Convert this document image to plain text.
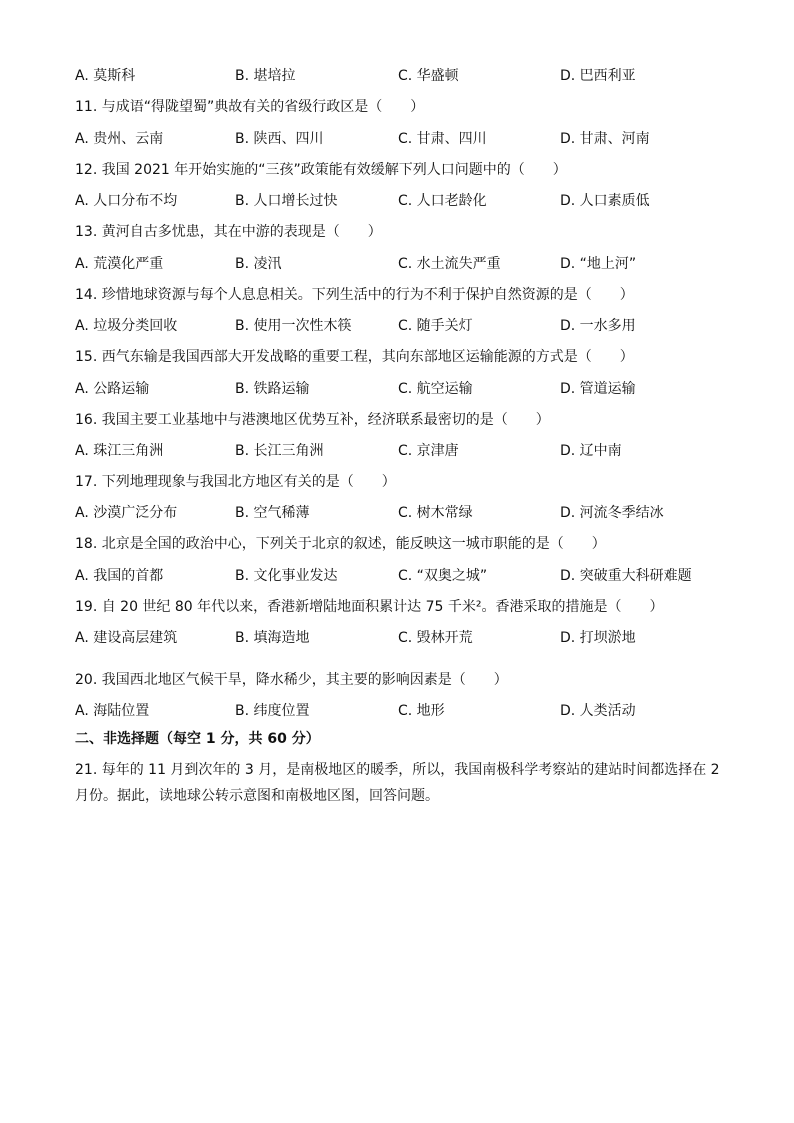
A. 莫斯科	B. 堪培拉	C. 华盛顿	D. 巴西利亚
11. 与成语“得陇望蜀”典故有关的省级行政区是（　　）
A. 贵州、云南	B. 陕西、四川	C. 甘肃、四川	D. 甘肃、河南
12. 我国 2021 年开始实施的“三孩”政策能有效缓解下列人口问题中的（　　）
A. 人口分布不均	B. 人口增长过快	C. 人口老龄化	D. 人口素质低
13. 黄河自古多忧患，其在中游的表现是（　　）
A. 荒漠化严重	B. 凌汛	C. 水土流失严重	D. “地上河”
14. 珍惜地球资源与每个人息息相关。下列生活中的行为不利于保护自然资源的是（　　）
A. 垃圾分类回收	B. 使用一次性木筷	C. 随手关灯	D. 一水多用
15. 西气东输是我国西部大开发战略的重要工程，其向东部地区运输能源的方式是（　　）
A. 公路运输	B. 铁路运输	C. 航空运输	D. 管道运输
16. 我国主要工业基地中与港澳地区优势互补，经济联系最密切的是（　　）
A. 珠江三角洲	B. 长江三角洲	C. 京津唐	D. 辽中南
17. 下列地理现象与我国北方地区有关的是（　　）
A. 沙漠广泛分布	B. 空气稀薄	C. 树木常绿	D. 河流冬季结冰
18. 北京是全国的政治中心，下列关于北京的叙述，能反映这一城市职能的是（　　）
A. 我国的首都	B. 文化事业发达	C. “双奥之城”	D. 突破重大科研难题
19. 自 20 世纪 80 年代以来，香港新增陆地面积累计达 75 千米²。香港采取的措施是（　　）
A. 建设高层建筑	B. 填海造地	C. 毁林开荒	D. 打坝淤地
20. 我国西北地区气候干旱，降水稀少，其主要的影响因素是（　　）
A. 海陆位置	B. 纬度位置	C. 地形	D. 人类活动
二、非选择题（每空 1 分，共 60 分）
21. 每年的 11 月到次年的 3 月，是南极地区的暖季，所以，我国南极科学考察站的建站时间都选择在 2 月份。据此，读地球公转示意图和南极地区图，回答问题。
